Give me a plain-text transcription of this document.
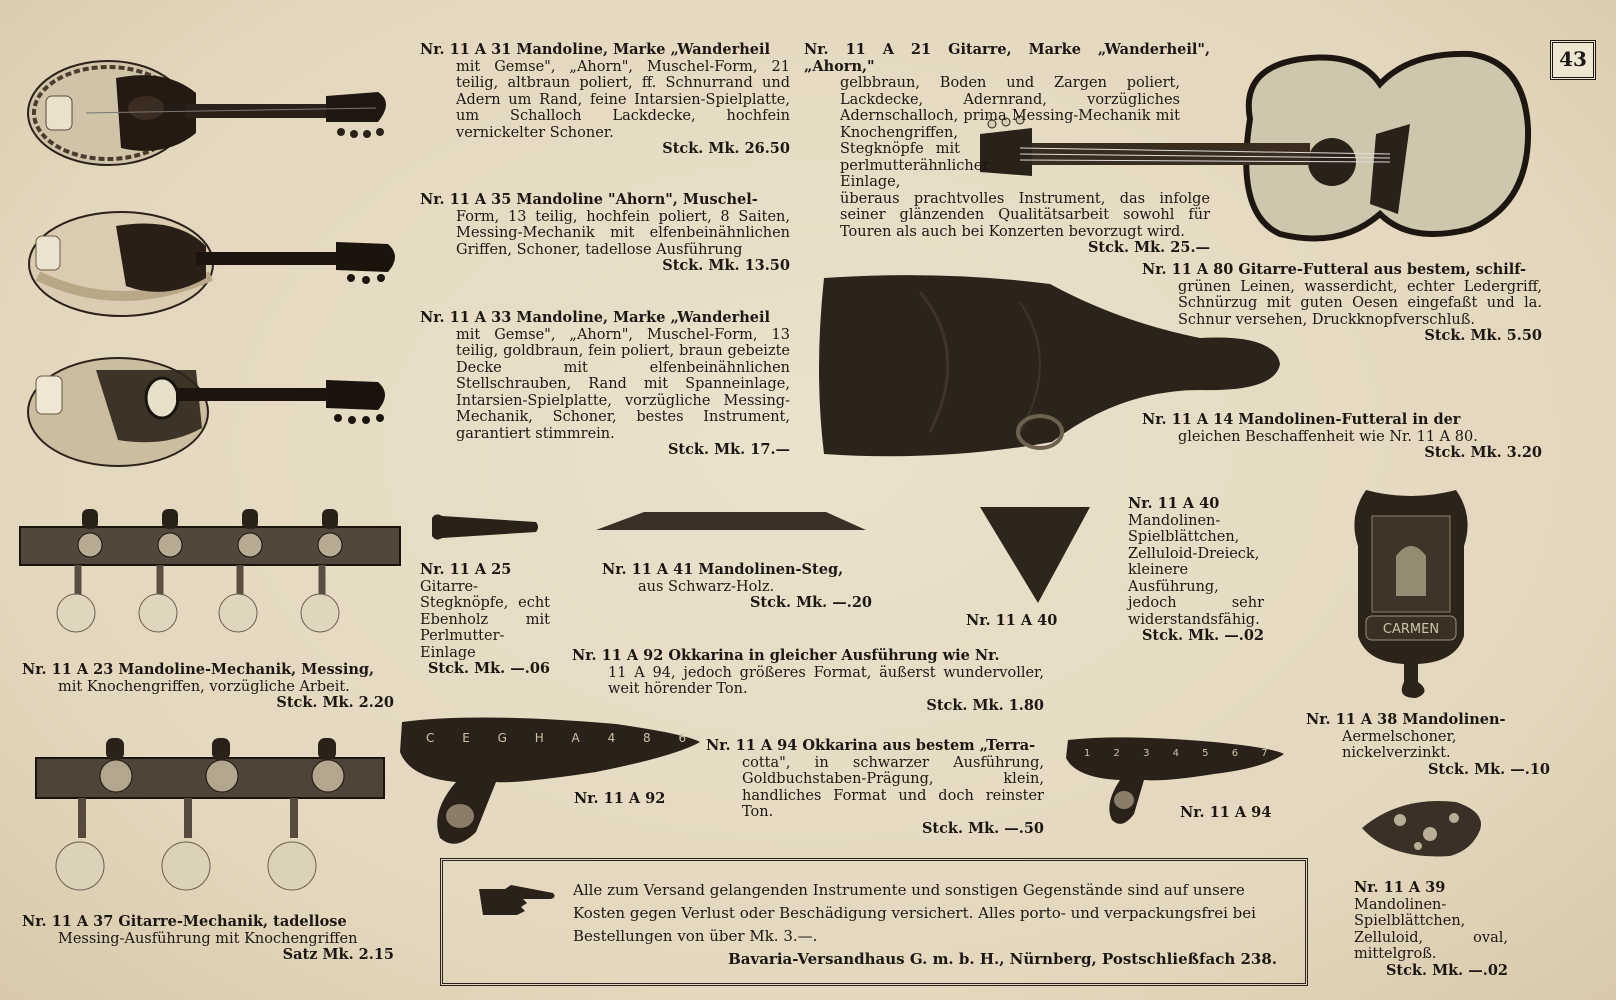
43
C E G H A 4 8 6
1 2 3 4 5 6 7
CARMEN

Nr. 11 A 31 Mandoline, Marke „Wanderheil

mit Gemse", „Ahorn", Muschel-Form, 21 teilig, altbraun poliert, ff. Schnurrand und Adern um Rand, feine Intarsien-Spielplatte, um Schalloch Lackdecke, hochfein vernickelter Schoner.

Stck. Mk. 26.50

Nr. 11 A 35 Mandoline "Ahorn", Muschel-

Form, 13 teilig, hochfein poliert, 8 Saiten, Messing-Mechanik mit elfenbeinähnlichen Griffen, Schoner, tadellose Ausführung

Stck. Mk. 13.50

Nr. 11 A 33 Mandoline, Marke „Wanderheil

mit Gemse", „Ahorn", Muschel-Form, 13 teilig, goldbraun, fein poliert, braun gebeizte Decke mit elfenbeinähnlichen Stellschrauben, Rand mit Spanneinlage, Intarsien-Spielplatte, vorzügliche Messing-Mechanik, Schoner, bestes Instrument, garantiert stimmrein.

Stck. Mk. 17.—

Nr. 11 A 21 Gitarre, Marke „Wanderheil", „Ahorn,"

gelbbraun, Boden und Zargen poliert, Lackdecke, Adernrand, vorzügliches Adernschalloch, prima Messing-Mechanik mit Knochengriffen,

Stegknöpfe mit perlmutterähnlicher Einlage,

überaus prachtvolles Instrument, das infolge seiner glänzenden Qualitätsarbeit sowohl für Touren als auch bei Konzerten bevorzugt wird.

Stck. Mk. 25.—

Nr. 11 A 80 Gitarre-Futteral aus bestem, schilf-

grünen Leinen, wasserdicht, echter Ledergriff, Schnürzug mit guten Oesen eingefaßt und la. Schnur versehen, Druckknopfverschluß.

Stck. Mk. 5.50

Nr. 11 A 14 Mandolinen-Futteral in der

gleichen Beschaffenheit wie Nr. 11 A 80.

Stck. Mk. 3.20

Nr. 11 A 23 Mandoline-Mechanik, Messing,

mit Knochengriffen, vorzügliche Arbeit.

Stck. Mk. 2.20

Nr. 11 A 37 Gitarre-Mechanik, tadellose

Messing-Ausführung mit Knochengriffen

Satz Mk. 2.15

Nr. 11 A 25

Gitarre-Stegknöpfe, echt Ebenholz mit Perlmutter-Einlage

Stck. Mk. —.06

Nr. 11 A 41 Mandolinen-Steg,

aus Schwarz-Holz.

Stck. Mk. —.20
Nr. 11 A 40

Nr. 11 A 40

Mandolinen-Spielblättchen, Zelluloid-Dreieck, kleinere Ausführung, jedoch sehr widerstandsfähig.

Stck. Mk. —.02

Nr. 11 A 92 Okkarina in gleicher Ausführung wie Nr.

11 A 94, jedoch größeres Format, äußerst wundervoller, weit hörender Ton.

Stck. Mk. 1.80
Nr. 11 A 92

Nr. 11 A 94 Okkarina aus bestem „Terra-

cotta", in schwarzer Ausführung, Goldbuchstaben-Prägung, klein, handliches Format und doch reinster Ton.

Stck. Mk. —.50
Nr. 11 A 94

Nr. 11 A 38 Mandolinen-

Aermelschoner, nickelverzinkt.

Stck. Mk. —.10

Nr. 11 A 39

Mandolinen-Spielblättchen, Zelluloid, oval, mittelgroß.

Stck. Mk. —.02
Alle zum Versand gelangenden Instrumente und sonstigen Gegenstände sind auf unsere Kosten gegen Verlust oder Beschädigung versichert. Alles porto- und verpackungsfrei bei Bestellungen von über Mk. 3.—.
Bavaria-Versandhaus G. m. b. H., Nürnberg, Postschließfach 238.
